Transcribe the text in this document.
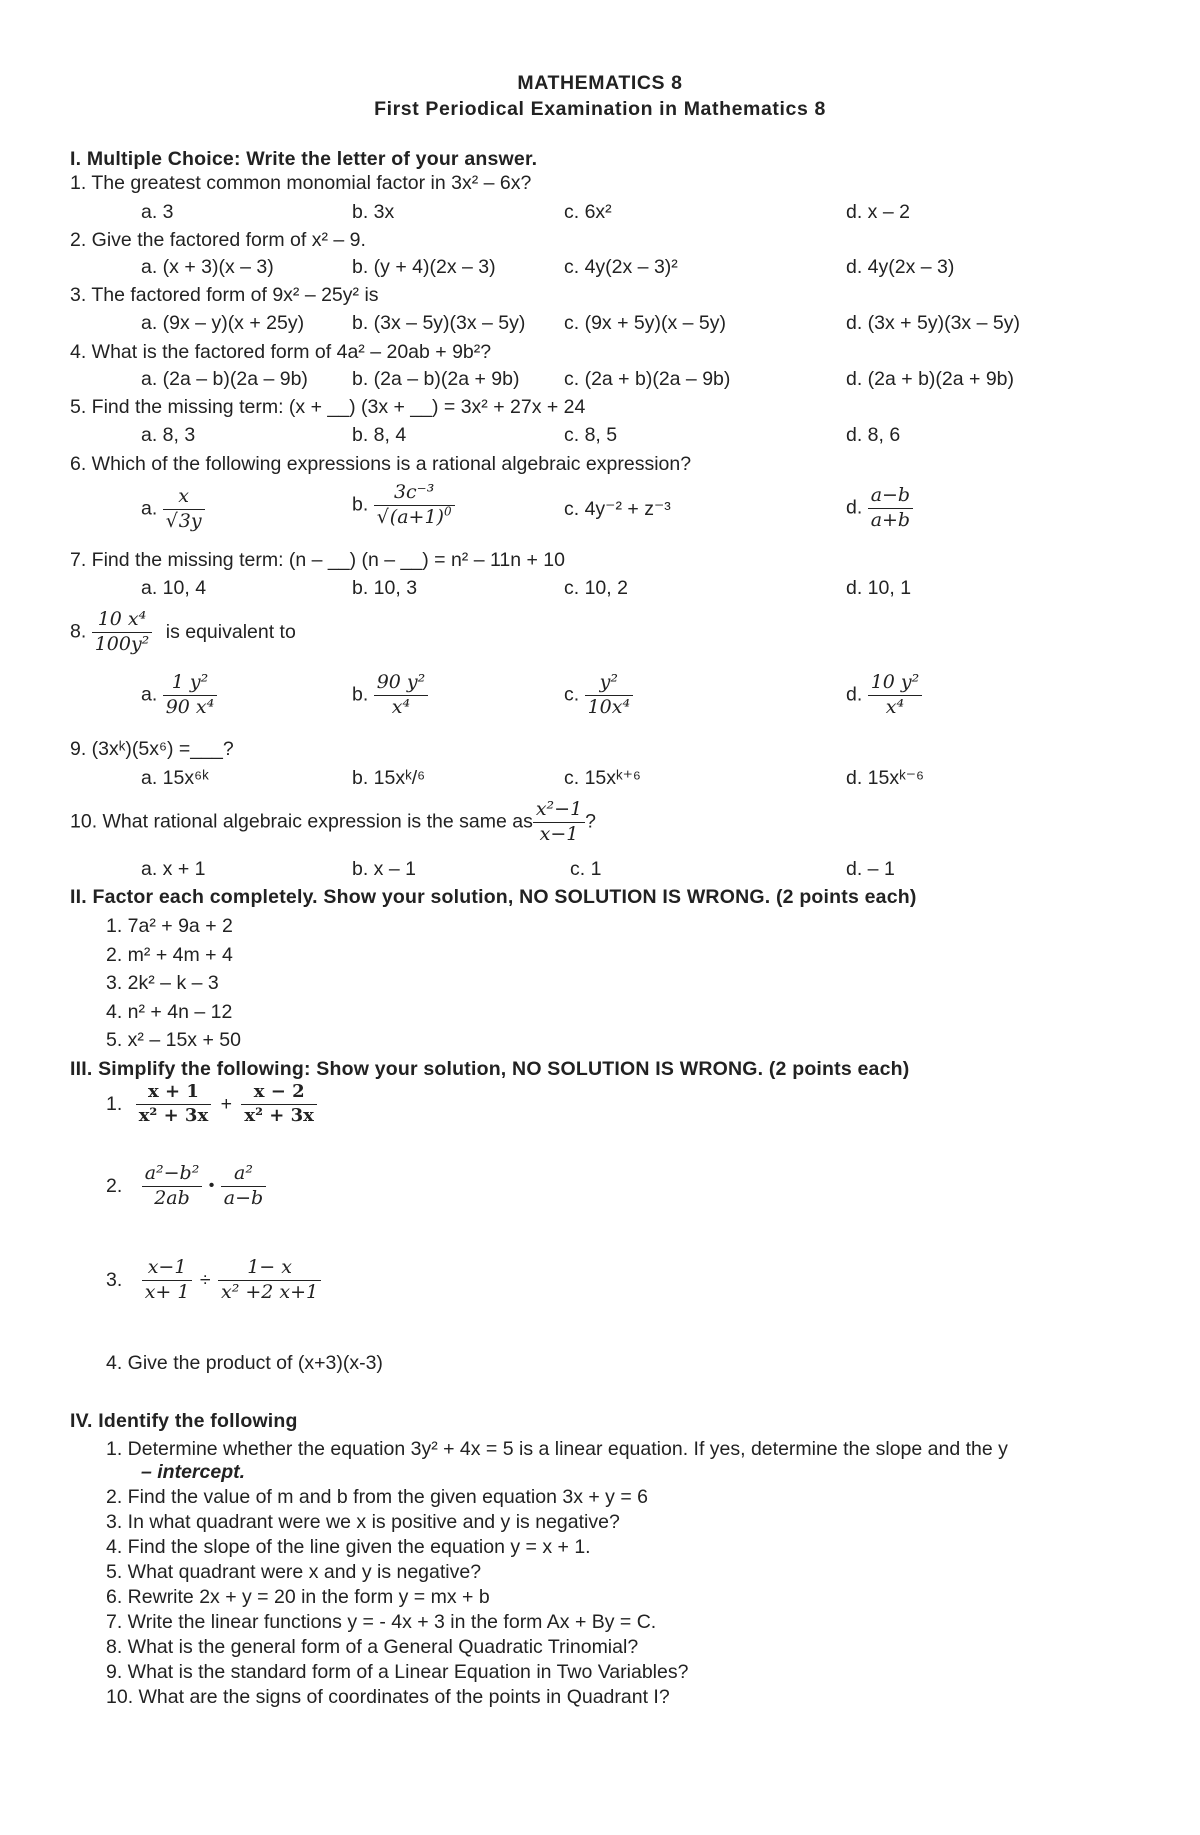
MATHEMATICS 8
First Periodical Examination in Mathematics 8
I. Multiple Choice: Write the letter of your answer.
1. The greatest common monomial factor in 3x² – 6x?
a. 3	b. 3x	c. 6x²	d. x – 2
2. Give the factored form of x² – 9.
a. (x + 3)(x – 3)	b. (y + 4)(2x – 3)	c. 4y(2x – 3)²	d. 4y(2x – 3)
3. The factored form of 9x² – 25y² is
a. (9x – y)(x + 25y) b. (3x – 5y)(3x – 5y) c. (9x + 5y)(x – 5y)	d. (3x + 5y)(3x – 5y)
4. What is the factored form of 4a² – 20ab + 9b²?
a. (2a – b)(2a – 9b) b. (2a – b)(2a + 9b) c. (2a + b)(2a – 9b)	d. (2a + b)(2a + 9b)
5. Find the missing term: (x + __) (3x + __) = 3x² + 27x + 24
a. 8, 3	b. 8, 4	c. 8, 5	d. 8, 6
6. Which of the following expressions is a rational algebraic expression?
a. $\frac{x}{√3y}$	b. $\frac{\text{3c⁻³}}{√(a+1)^0}$	c. 4y⁻² + z⁻³	d. $\frac{a-b}{a+b}$
7. Find the missing term: (n – __) (n – __) = n² – 11n + 10
a. 10, 4	b. 10, 3	c. 10, 2	d. 10, 1
8. $\frac{\text{10 x⁴}}{\text{100y²}}$ is equivalent to
a. $\frac{\text{1 y²}}{\text{90 x⁴}}$	b. $\frac{\text{90 y²}}{\text{x⁴}}$	c. $\frac{\text{y²}}{\text{10x⁴}}$	d. $\frac{\text{10 y²}}{\text{x⁴}}$
9. (3xᵏ)(5x⁶) =___?
a. 15x⁶ᵏ	b. 15xᵏ/⁶	c. 15xᵏ⁺⁶	d. 15xᵏ⁻⁶
10. What rational algebraic expression is the same as $\frac{\text{x²−1}}{x-1}$ ?
a. x + 1	b. x – 1	c. 1	d. – 1
II. Factor each completely. Show your solution, NO SOLUTION IS WRONG. (2 points each)
1. 7a² + 9a + 2
2. m² + 4m + 4
3. 2k² – k – 3
4. n² + 4n – 12
5. x² – 15x + 50
III. Simplify the following: Show your solution, NO SOLUTION IS WRONG. (2 points each)
1. $\frac{x + 1}{\text{x² + 3x}} + \frac{x - 2}{\text{x² + 3x}}$
2. $\frac{\text{a²−b²}}{2ab}$ • $\frac{\text{a²}}{a-b}$
3. $\frac{x-1}{x+ 1} \div \frac{1- x}{\text{x² +2 x+1}}$
4. Give the product of (x+3)(x-3)
IV. Identify the following
1. Determine whether the equation 3y² + 4x = 5 is a linear equation. If yes, determine the slope and the y
– intercept.
2. Find the value of m and b from the given equation 3x + y = 6
3. In what quadrant were we x is positive and y is negative?
4. Find the slope of the line given the equation y = x + 1.
5. What quadrant were x and y is negative?
6. Rewrite 2x + y = 20 in the form y = mx + b
7. Write the linear functions y = - 4x + 3 in the form Ax + By = C.
8. What is the general form of a General Quadratic Trinomial?
9. What is the standard form of a Linear Equation in Two Variables?
10. What are the signs of coordinates of the points in Quadrant I?
